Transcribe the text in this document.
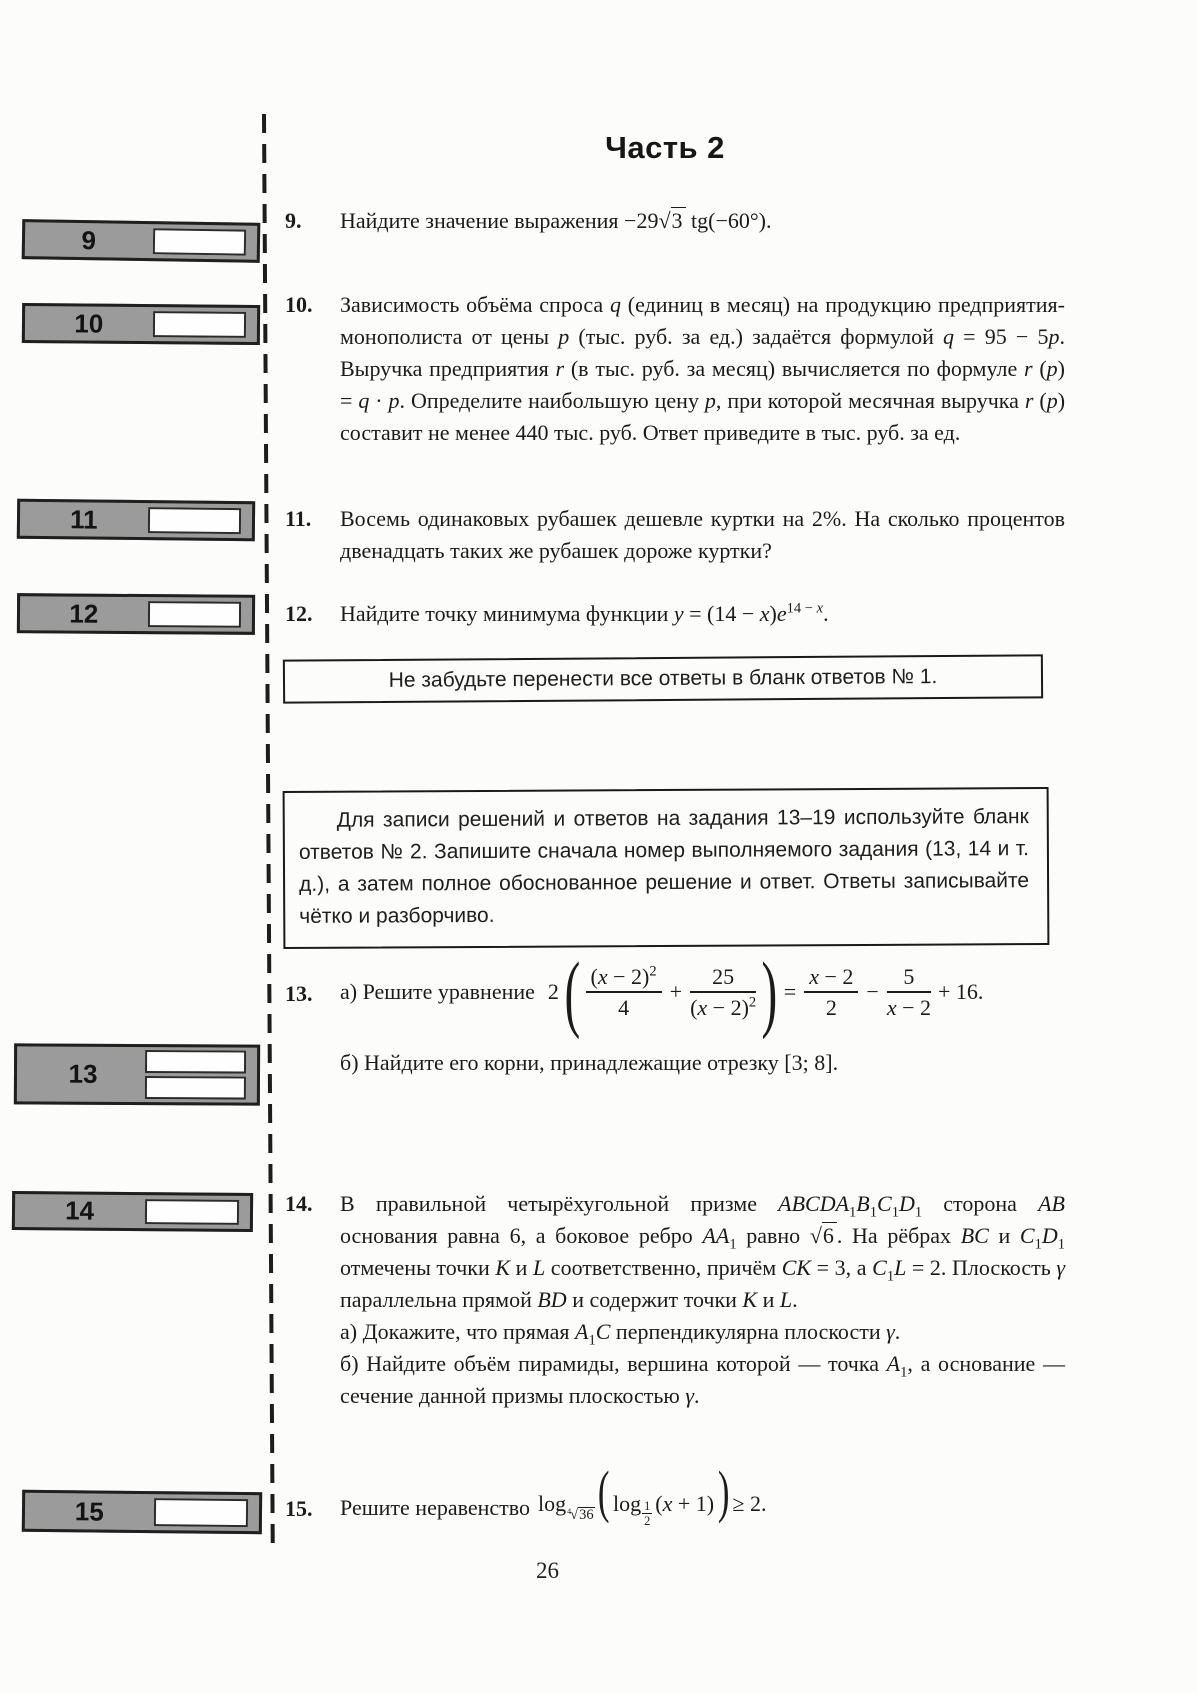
9
10
11
12
13
14
15
Часть 2
9.	Найдите значение выражения −29√3 tg(−60°).
10.	Зависимость объёма спроса q (единиц в месяц) на продукцию предприятия-монополиста от цены p (тыс. руб. за ед.) задаётся формулой q = 95 − 5p. Выручка предприятия r (в тыс. руб. за месяц) вычисляется по формуле r (p) = q · p. Определите наибольшую цену p, при которой месячная выручка r (p) составит не менее 440 тыс. руб. Ответ приведите в тыс. руб. за ед.
11.	Восемь одинаковых рубашек дешевле куртки на 2%. На сколько процентов двенадцать таких же рубашек дороже куртки?
12.	Найдите точку минимума функции $y = (14 - x)e^{14 - x}$.
Не забудьте перенести все ответы в бланк ответов № 1.
Для записи решений и ответов на задания 13–19 используйте бланк ответов № 2. Запишите сначала номер выполняемого задания (13, 14 и т. д.), а затем полное обоснованное решение и ответ. Ответы записывайте чётко и разборчиво.
13.	а) Решите уравнение 2 ( $\frac{(x - 2)^2}{4} + \frac{25}{(x - 2)^2}$ ) = $\frac{x - 2}{2} - \frac{5}{x - 2} + 16$.
б) Найдите его корни, принадлежащие отрезку [3; 8].
14.	В правильной четырёхугольной призме $ABCDA_1B_1C_1D_1$ сторона AB основания равна 6, а боковое ребро $AA_1$ равно √6 . На рёбрах BC и $C_1D_1$ отмечены точки K и L соответственно, причём CK = 3, а $C_1L = 2$. Плоскость γ параллельна прямой BD и содержит точки K и L.
а) Докажите, что прямая $A_1C$ перпендикулярна плоскости γ.
б) Найдите объём пирамиды, вершина которой — точка $A_1$, а основание — сечение данной призмы плоскостью γ.
15.	Решите неравенство $\log^4√36$ ( $\log \frac{1}{2} (x + 1)$ ) ≥ 2.
26
